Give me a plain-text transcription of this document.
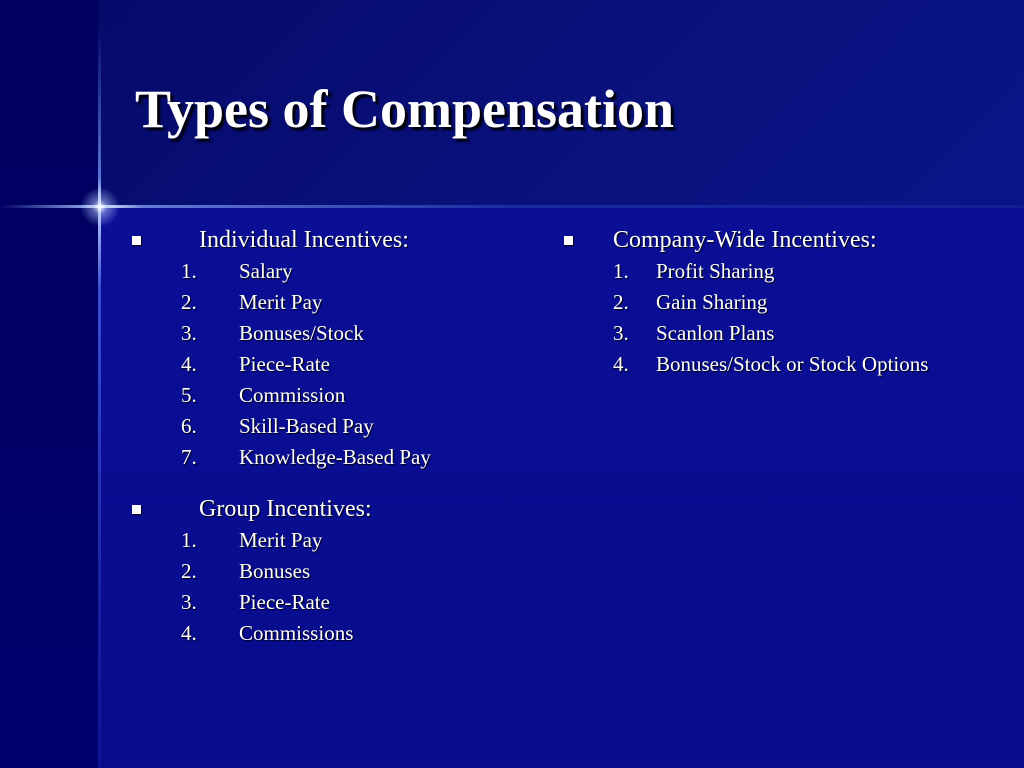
Types of Compensation
Individual Incentives:
1.	Salary
2.	Merit Pay
3.	Bonuses/Stock
4.	Piece-Rate
5.	Commission
6.	Skill-Based Pay
7.	Knowledge-Based Pay
Group Incentives:
1.	Merit Pay
2.	Bonuses
3.	Piece-Rate
4.	Commissions
Company-Wide Incentives:
1.	Profit Sharing
2.	Gain Sharing
3.	Scanlon Plans
4.	Bonuses/Stock or Stock Options
